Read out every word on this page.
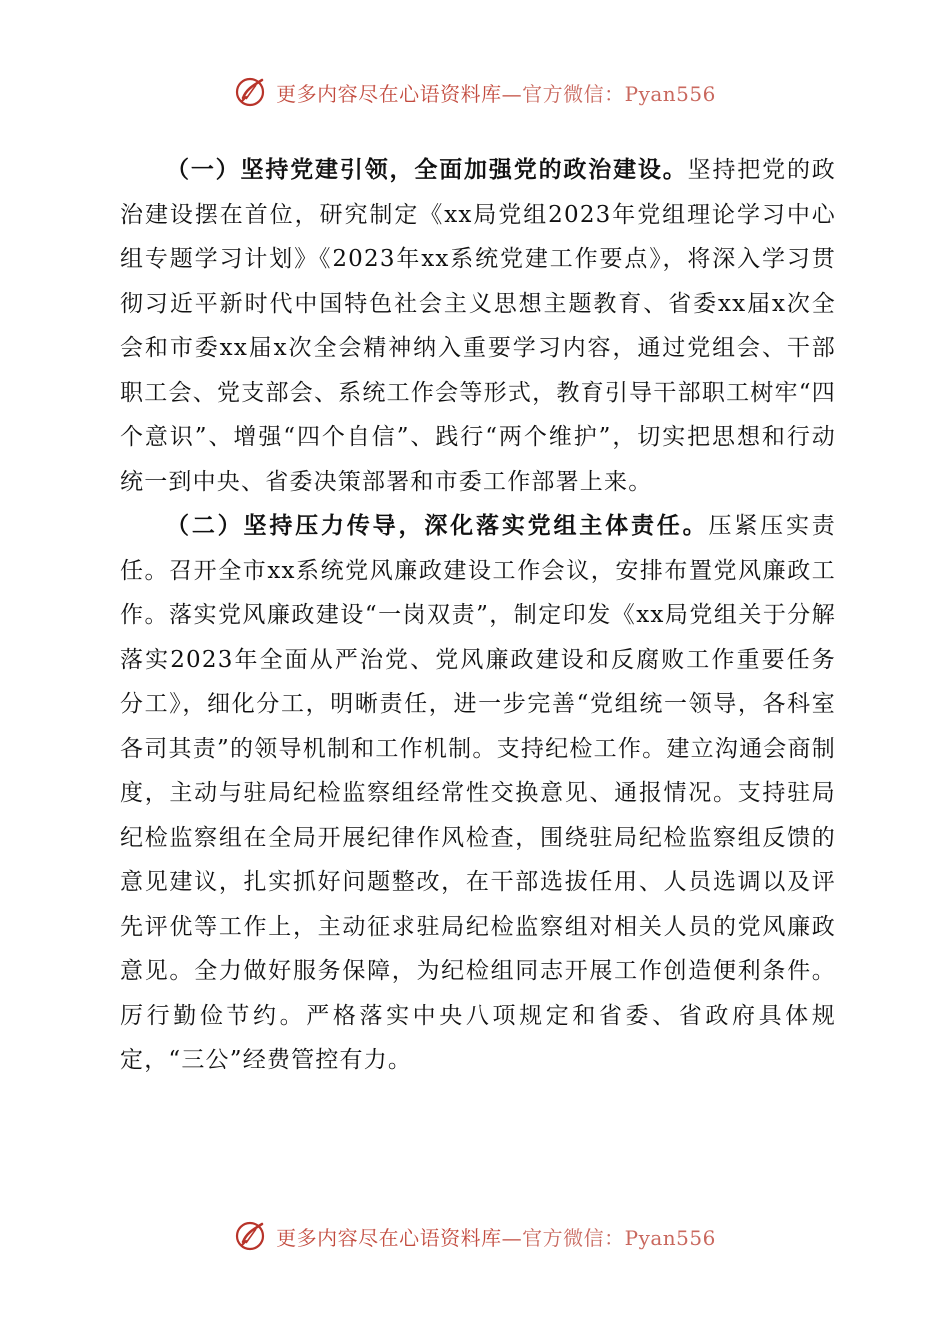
更多内容尽在心语资料库—官方微信：Pyan556

（一）坚持党建引领，全面加强党的政治建设。坚持把党的政治建设摆在首位，研究制定《xx局党组2023年党组理论学习中心组专题学习计划》《2023年xx系统党建工作要点》，将深入学习贯彻习近平新时代中国特色社会主义思想主题教育、省委xx届x次全会和市委xx届x次全会精神纳入重要学习内容，通过党组会、干部职工会、党支部会、系统工作会等形式，教育引导干部职工树牢“四个意识”、增强“四个自信”、践行“两个维护”，切实把思想和行动统一到中央、省委决策部署和市委工作部署上来。

（二）坚持压力传导，深化落实党组主体责任。压紧压实责任。召开全市xx系统党风廉政建设工作会议，安排布置党风廉政工作。落实党风廉政建设“一岗双责”，制定印发《xx局党组关于分解落实2023年全面从严治党、党风廉政建设和反腐败工作重要任务分工》，细化分工，明晰责任，进一步完善“党组统一领导，各科室各司其责”的领导机制和工作机制。支持纪检工作。建立沟通会商制度，主动与驻局纪检监察组经常性交换意见、通报情况。支持驻局纪检监察组在全局开展纪律作风检查，围绕驻局纪检监察组反馈的意见建议，扎实抓好问题整改，在干部选拔任用、人员选调以及评先评优等工作上，主动征求驻局纪检监察组对相关人员的党风廉政意见。全力做好服务保障，为纪检组同志开展工作创造便利条件。厉行勤俭节约。严格落实中央八项规定和省委、省政府具体规定，“三公”经费管控有力。

更多内容尽在心语资料库—官方微信：Pyan556
